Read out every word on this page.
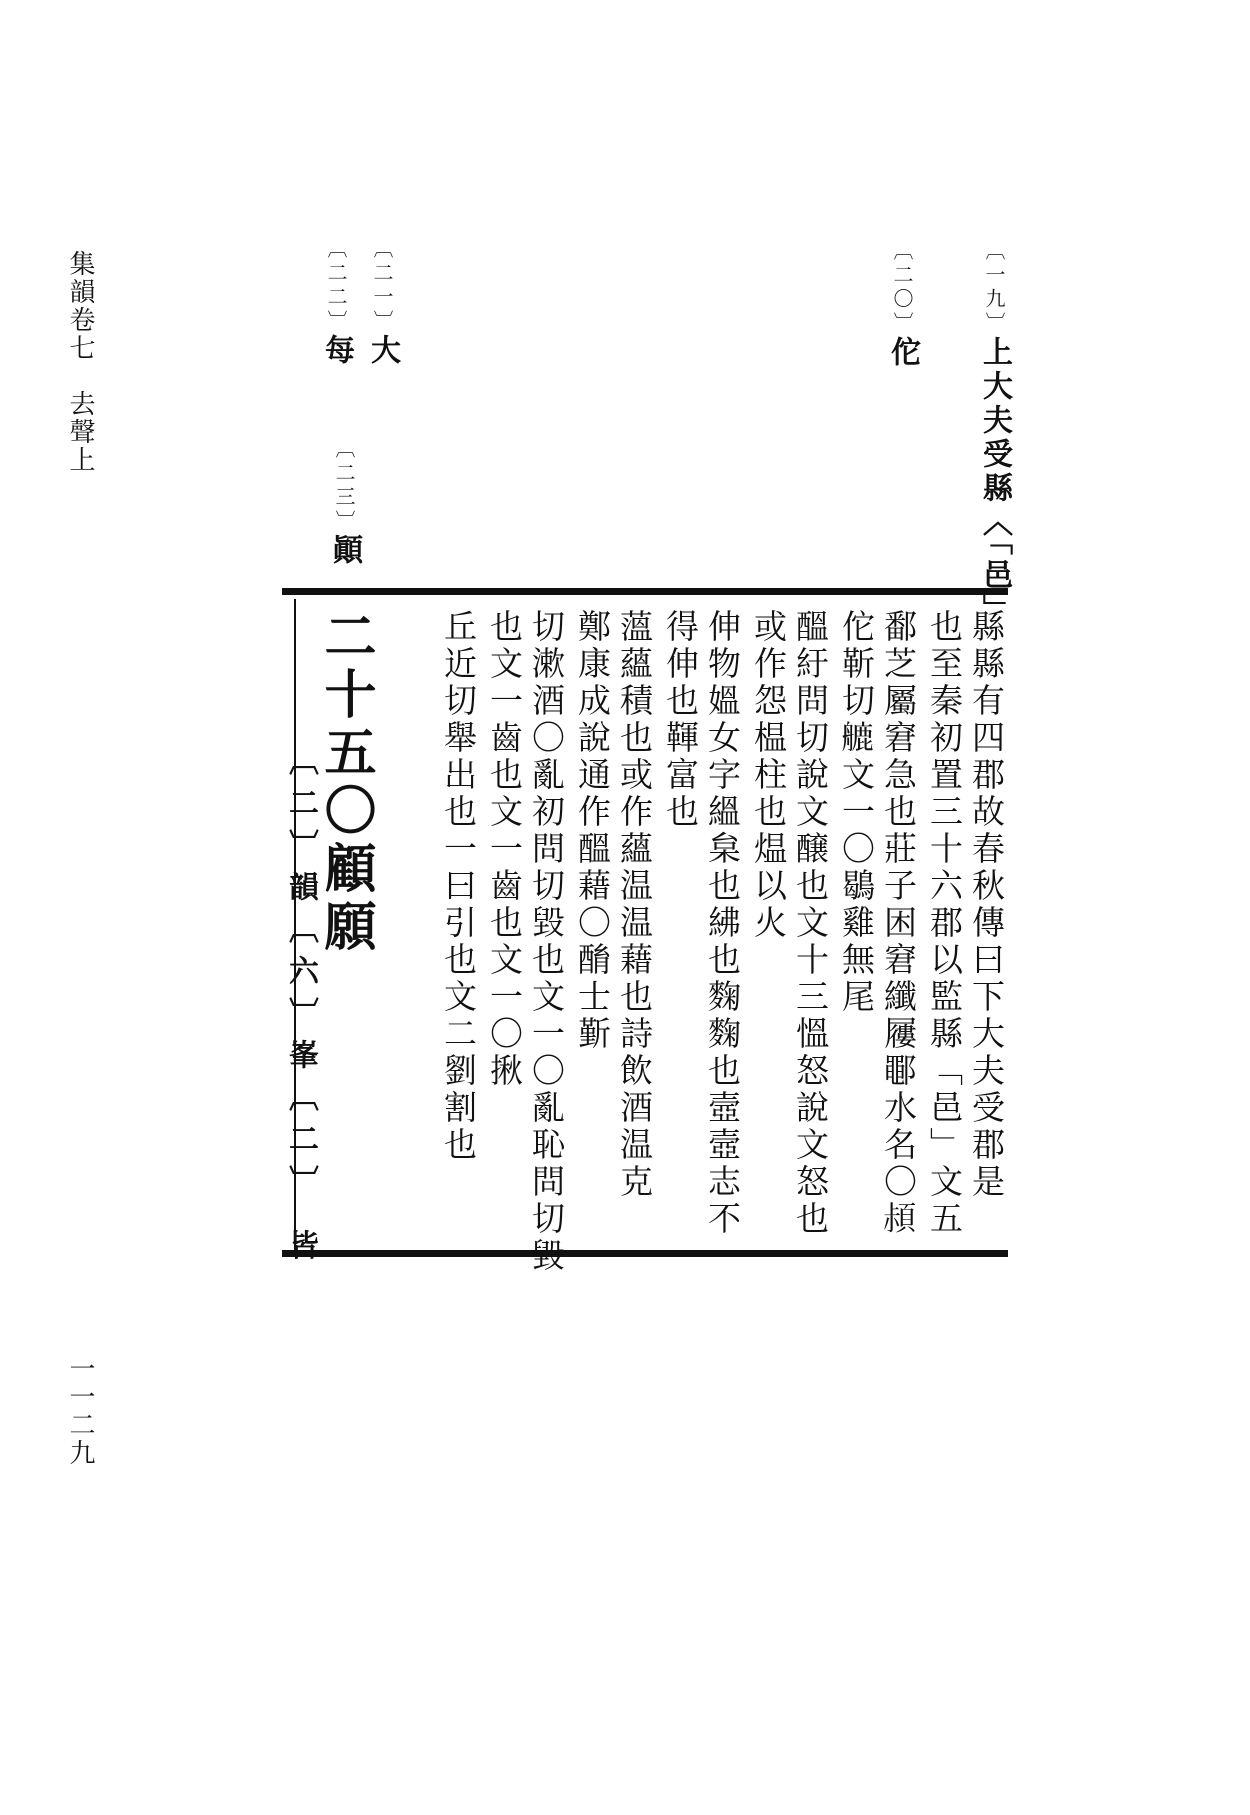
集韻卷七　去聲上
一一二九
〔一九〕上大夫受縣〈「邑」
〔二〇〕佗
〔二一〕大
〔二二〕每
〔二三〕顚
縣縣有四郡故春秋傳曰下大夫受郡是
也至秦初置三十六郡以監縣「邑」文五
鄱芝屬窘急也莊子困窘纖屨鄳水名〇𩒛
佗靳切𦪇文一〇鶡雞無尾
醞紆問切說文醸也文十三慍怒說文怒也
或作怨榅柱也煴以火
伸物媼女字縕枲也紼也麴麴也壼壼志不
得伸也䩵富也
薀蘊積也或作蘊温温藉也詩飲酒温克
鄭康成說通作醞藉〇酳士斳
切漱酒〇亂初問切毀也文一〇亂恥問切毀
也文一齒也文一齒也文一〇揪
丘近切舉出也一曰引也文二劉割也
二十五〇顧願
〔二〕韻〔六〕峯〔二〕 皆
